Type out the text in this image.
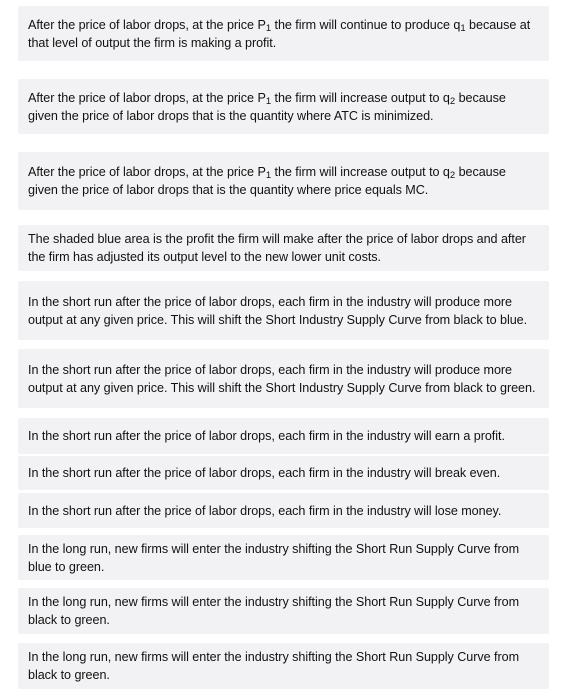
After the price of labor drops, at the price P1 the firm will continue to produce q1 because at that level of output the firm is making a profit.
After the price of labor drops, at the price P1 the firm will increase output to q2 because given the price of labor drops that is the quantity where ATC is minimized.
After the price of labor drops, at the price P1 the firm will increase output to q2 because given the price of labor drops that is the quantity where price equals MC.
The shaded blue area is the profit the firm will make after the price of labor drops and after the firm has adjusted its output level to the new lower unit costs.
In the short run after the price of labor drops, each firm in the industry will produce more output at any given price. This will shift the Short Industry Supply Curve from black to blue.
In the short run after the price of labor drops, each firm in the industry will produce more output at any given price. This will shift the Short Industry Supply Curve from black to green.
In the short run after the price of labor drops, each firm in the industry will earn a profit.
In the short run after the price of labor drops, each firm in the industry will break even.
In the short run after the price of labor drops, each firm in the industry will lose money.
In the long run, new firms will enter the industry shifting the Short Run Supply Curve from blue to green.
In the long run, new firms will enter the industry shifting the Short Run Supply Curve from black to green.
In the long run, new firms will enter the industry shifting the Short Run Supply Curve from black to green.
